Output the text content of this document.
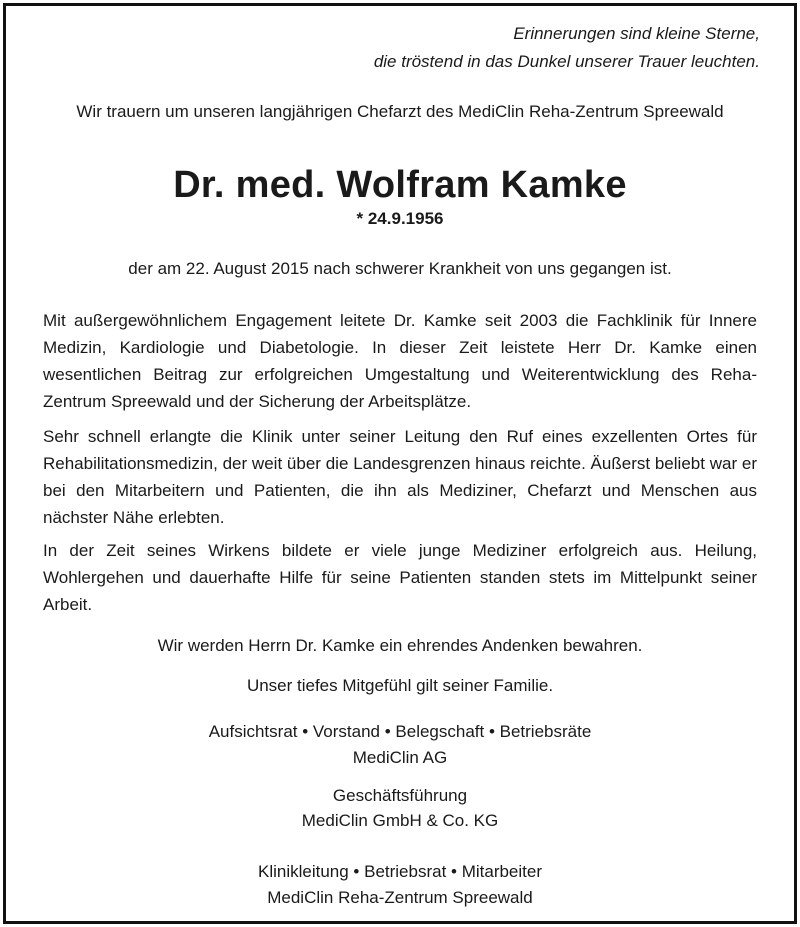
Erinnerungen sind kleine Sterne,
die tröstend in das Dunkel unserer Trauer leuchten.
Wir trauern um unseren langjährigen Chefarzt des MediClin Reha-Zentrum Spreewald
Dr. med. Wolfram Kamke
* 24.9.1956
der am 22. August 2015 nach schwerer Krankheit von uns gegangen ist.
Mit außergewöhnlichem Engagement leitete Dr. Kamke seit 2003 die Fachklinik für Innere Medizin, Kardiologie und Diabetologie. In dieser Zeit leistete Herr Dr. Kamke einen wesentlichen Beitrag zur erfolgreichen Umgestaltung und Weiterentwicklung des Reha-Zentrum Spreewald und der Sicherung der Arbeitsplätze.
Sehr schnell erlangte die Klinik unter seiner Leitung den Ruf eines exzellenten Ortes für Rehabilitationsmedizin, der weit über die Landesgrenzen hinaus reichte. Äußerst beliebt war er bei den Mitarbeitern und Patienten, die ihn als Mediziner, Chefarzt und Menschen aus nächster Nähe erlebten.
In der Zeit seines Wirkens bildete er viele junge Mediziner erfolgreich aus. Heilung, Wohlergehen und dauerhafte Hilfe für seine Patienten standen stets im Mittelpunkt seiner Arbeit.
Wir werden Herrn Dr. Kamke ein ehrendes Andenken bewahren.
Unser tiefes Mitgefühl gilt seiner Familie.
Aufsichtsrat • Vorstand • Belegschaft • Betriebsräte
MediClin AG
Geschäftsführung
MediClin GmbH & Co. KG
Klinikleitung • Betriebsrat • Mitarbeiter
MediClin Reha-Zentrum Spreewald
